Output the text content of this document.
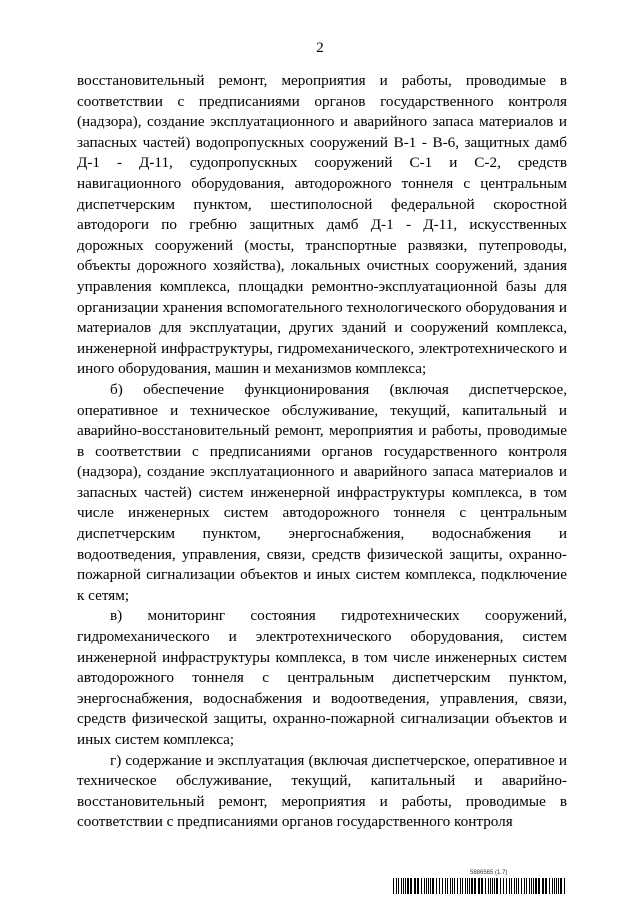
2

восстановительный ремонт, мероприятия и работы, проводимые в соответствии с предписаниями органов государственного контроля (надзора), создание эксплуатационного и аварийного запаса материалов и запасных частей) водопропускных сооружений В-1 - В-6, защитных дамб Д-1 - Д-11, судопропускных сооружений С-1 и С-2, средств навигационного оборудования, автодорожного тоннеля с центральным диспетчерским пунктом, шестиполосной федеральной скоростной автодороги по гребню защитных дамб Д-1 - Д-11, искусственных дорожных сооружений (мосты, транспортные развязки, путепроводы, объекты дорожного хозяйства), локальных очистных сооружений, здания управления комплекса, площадки ремонтно-эксплуатационной базы для организации хранения вспомогательного технологического оборудования и материалов для эксплуатации, других зданий и сооружений комплекса, инженерной инфраструктуры, гидромеханического, электротехнического и иного оборудования, машин и механизмов комплекса;

б) обеспечение функционирования (включая диспетчерское, оперативное и техническое обслуживание, текущий, капитальный и аварийно-восстановительный ремонт, мероприятия и работы, проводимые в соответствии с предписаниями органов государственного контроля (надзора), создание эксплуатационного и аварийного запаса материалов и запасных частей) систем инженерной инфраструктуры комплекса, в том числе инженерных систем автодорожного тоннеля с центральным диспетчерским пунктом, энергоснабжения, водоснабжения и водоотведения, управления, связи, средств физической защиты, охранно-пожарной сигнализации объектов и иных систем комплекса, подключение к сетям;

в) мониторинг состояния гидротехнических сооружений, гидромеханического и электротехнического оборудования, систем инженерной инфраструктуры комплекса, в том числе инженерных систем автодорожного тоннеля с центральным диспетчерским пунктом, энергоснабжения, водоснабжения и водоотведения, управления, связи, средств физической защиты, охранно-пожарной сигнализации объектов и иных систем комплекса;

г) содержание и эксплуатация (включая диспетчерское, оперативное и техническое обслуживание, текущий, капитальный и аварийно-восстановительный ремонт, мероприятия и работы, проводимые в соответствии с предписаниями органов государственного контроля

5886565 (1.7)
